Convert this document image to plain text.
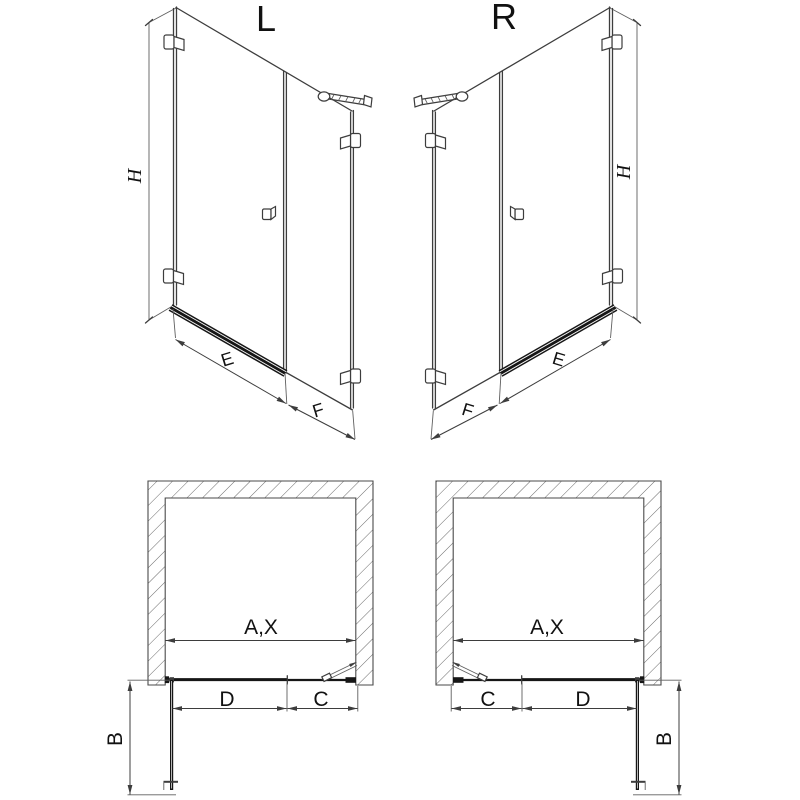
L	R
H
E
F
H
E
F
A,X
D	C
B
A,X
C	D
B
